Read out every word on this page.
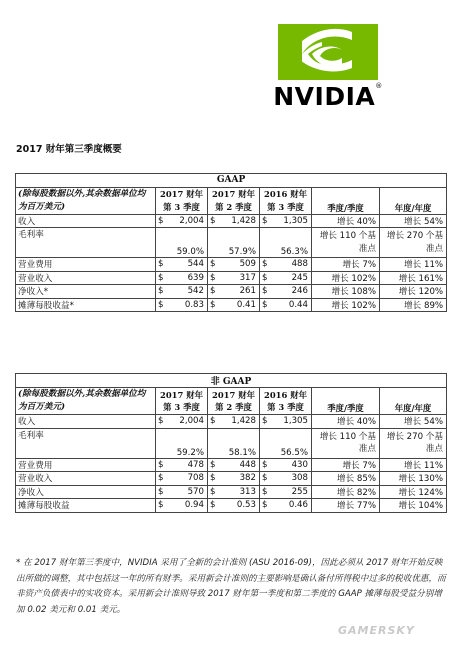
NVIDIA®
2017 财年第三季度概要
GAAP								
(除每股数据以外,其余数据单位均为百万美元)	2017 财年第 3 季度		2017 财年第 2 季度		2016 财年第 3 季度		季度/季度	年度/年度
收入	$	2,004	$	1,428	$	1,305	增长 40%	增长 54%
毛利率	59.0%		57.9%		56.3%		增长 110 个基准点	增长 270 个基准点
营业费用	$	544	$	509	$	488	增长 7%	增长 11%
营业收入	$	639	$	317	$	245	增长 102%	增长 161%
净收入*	$	542	$	261	$	246	增长 108%	增长 120%
摊薄每股收益*	$	0.83	$	0.41	$	0.44	增长 102%	增长 89%
非 GAAP								
(除每股数据以外,其余数据单位均为百万美元)	2017 财年第 3 季度		2017 财年第 2 季度		2016 财年第 3 季度		季度/季度	年度/年度
收入	$	2,004	$	1,428	$	1,305	增长 40%	增长 54%
毛利率	59.2%		58.1%		56.5%		增长 110 个基准点	增长 270 个基准点
营业费用	$	478	$	448	$	430	增长 7%	增长 11%
营业收入	$	708	$	382	$	308	增长 85%	增长 130%
净收入	$	570	$	313	$	255	增长 82%	增长 124%
摊薄每股收益	$	0.94	$	0.53	$	0.46	增长 77%	增长 104%
* 在 2017 财年第三季度中，NVIDIA 采用了全新的会计准则 (ASU 2016-09)，因此必须从 2017 财年开始反映出所做的调整，其中包括这一年的所有财季。采用新会计准则的主要影响是确认备付所得税中过多的税收优惠，而非资产负债表中的实收资本。采用新会计准则导致 2017 财年第一季度和第二季度的 GAAP 摊薄每股受益分别增加 0.02 美元和 0.01 美元。
GAMERSKY
